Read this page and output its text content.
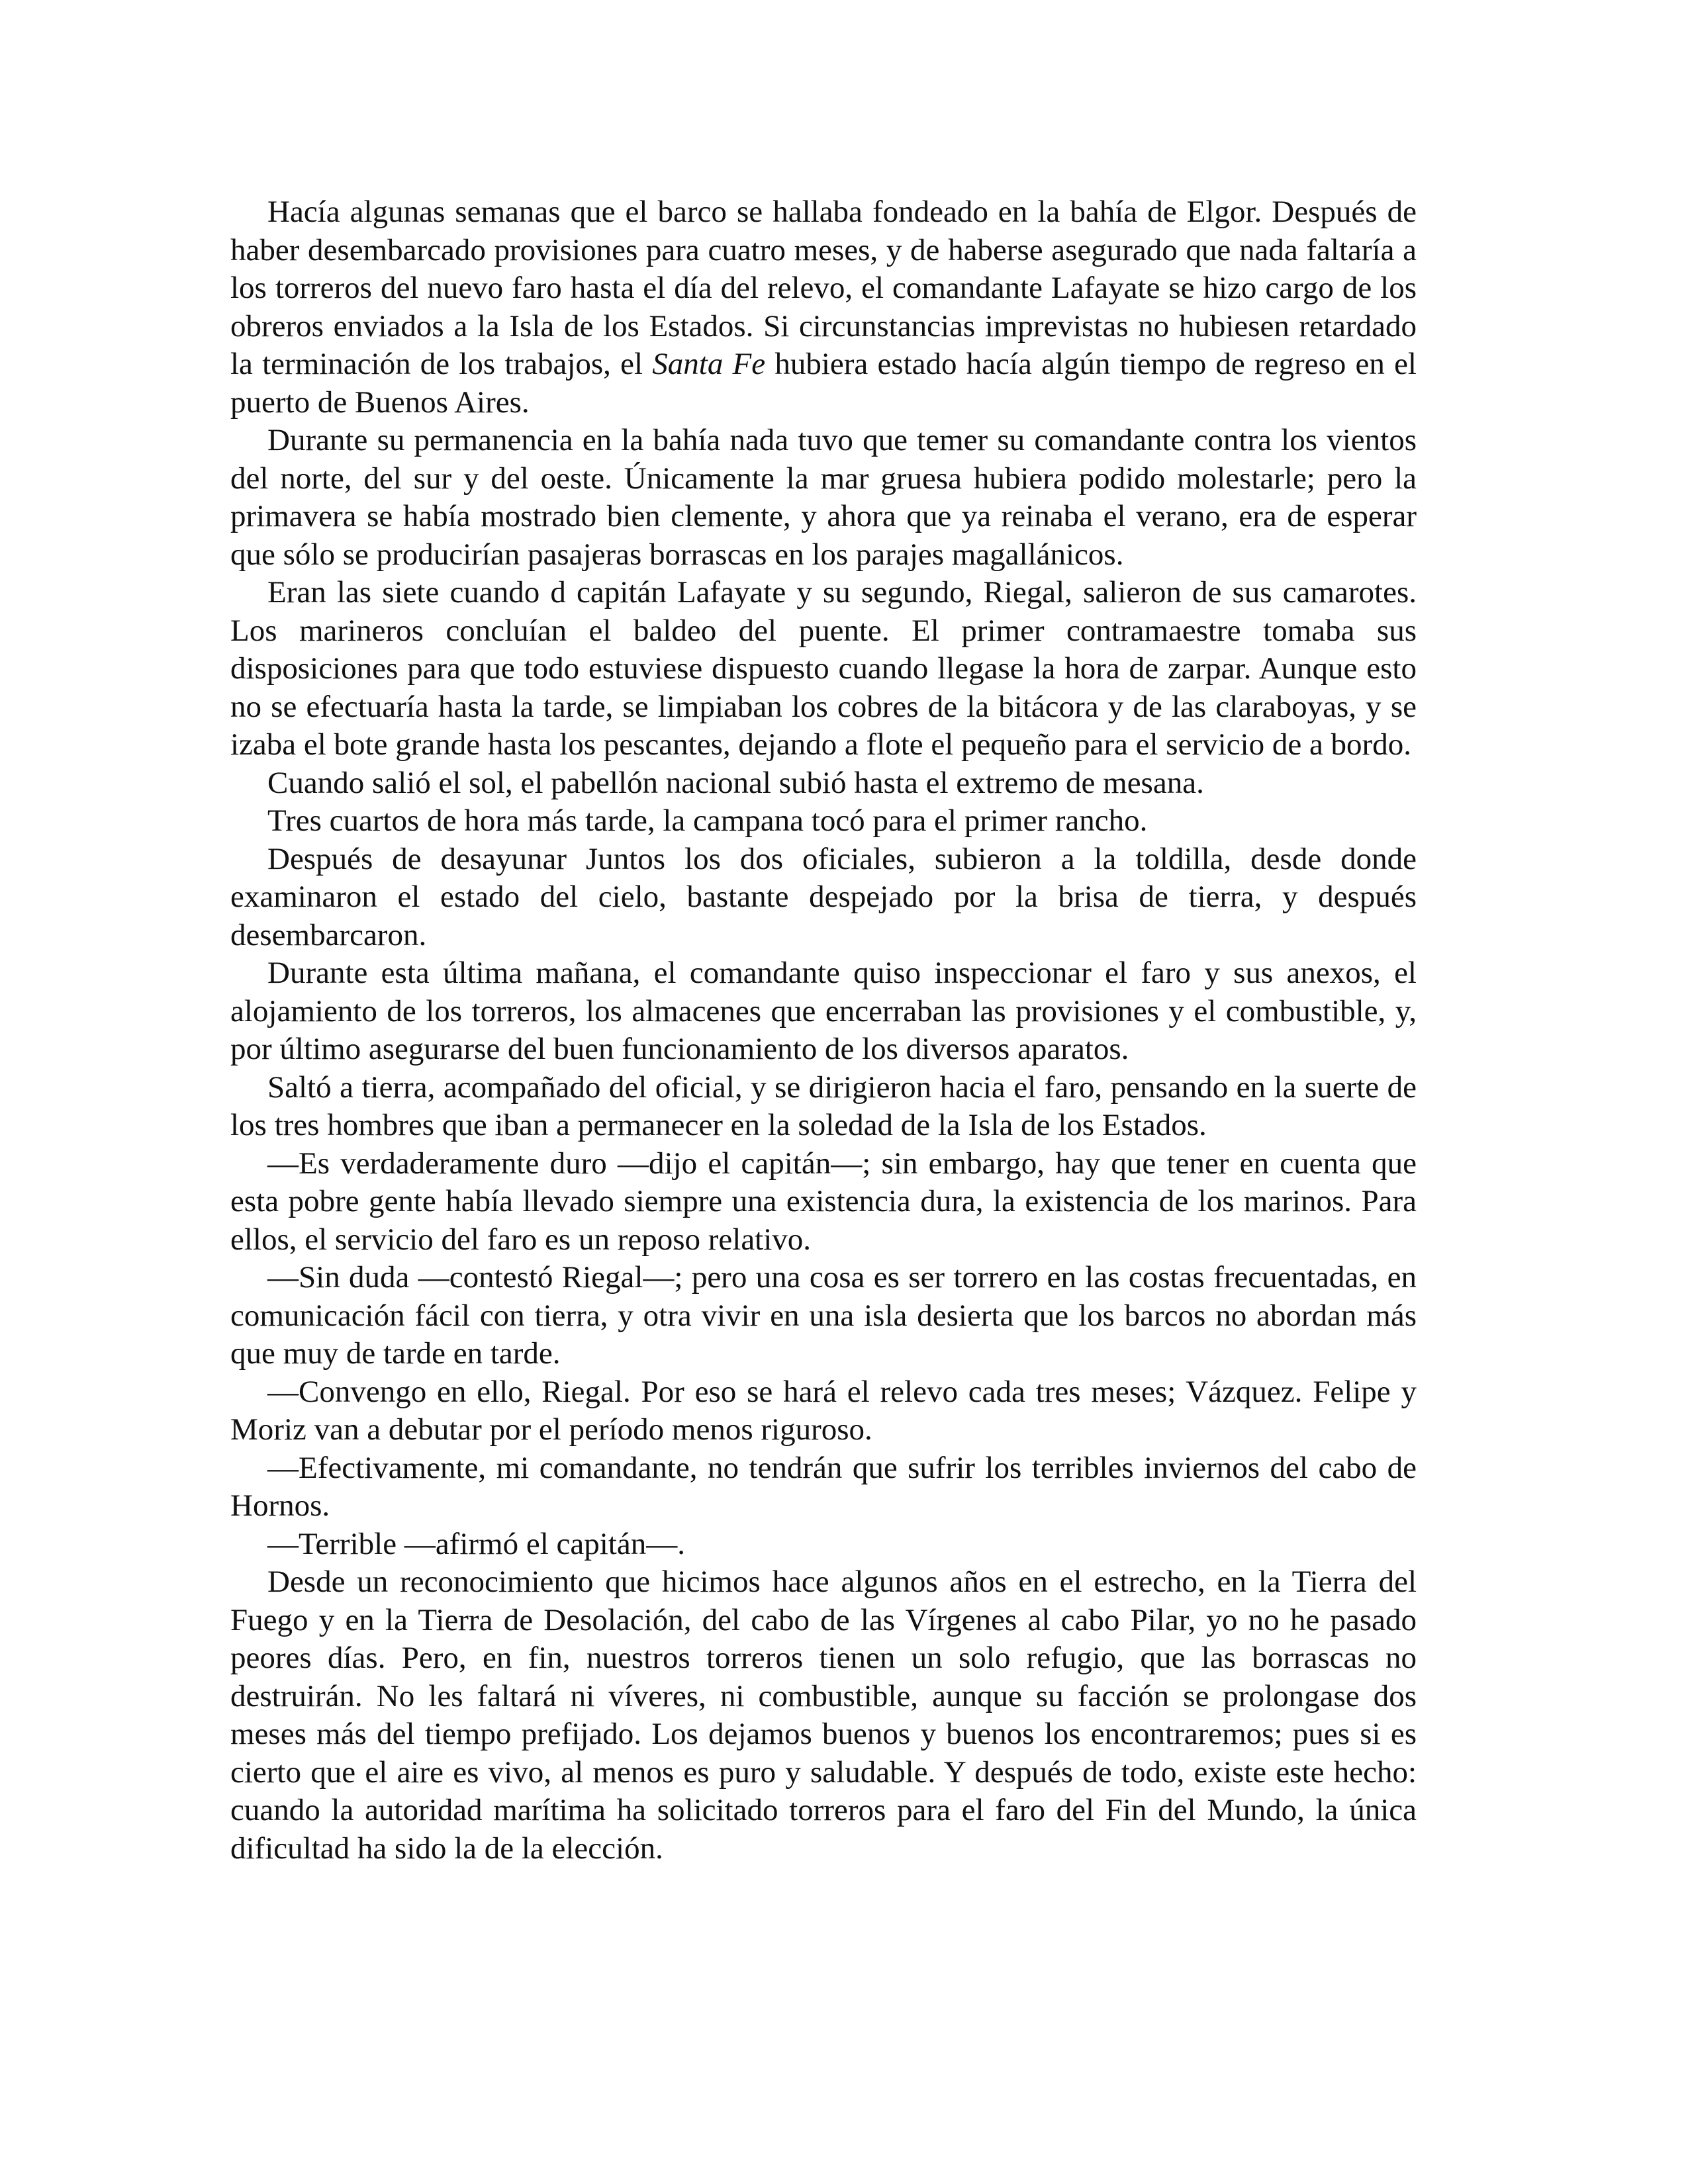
Hacía algunas semanas que el barco se hallaba fondeado en la bahía de Elgor. Después de haber desembarcado provisiones para cuatro meses, y de haberse asegurado que nada faltaría a los torreros del nuevo faro hasta el día del relevo, el comandante Lafayate se hizo cargo de los obreros enviados a la Isla de los Estados. Si circunstancias imprevistas no hubiesen retardado la terminación de los trabajos, el Santa Fe hubiera estado hacía algún tiempo de regreso en el puerto de Buenos Aires.

Durante su permanencia en la bahía nada tuvo que temer su comandante contra los vientos del norte, del sur y del oeste. Únicamente la mar gruesa hubiera podido molestarle; pero la primavera se había mostrado bien clemente, y ahora que ya reinaba el verano, era de esperar que sólo se producirían pasajeras borrascas en los parajes magallánicos.

Eran las siete cuando d capitán Lafayate y su segundo, Riegal, salieron de sus camarotes. Los marineros concluían el baldeo del puente. El primer contramaestre tomaba sus disposiciones para que todo estuviese dispuesto cuando llegase la hora de zarpar. Aunque esto no se efectuaría hasta la tarde, se limpiaban los cobres de la bitácora y de las claraboyas, y se izaba el bote grande hasta los pescantes, dejando a flote el pequeño para el servicio de a bordo.

Cuando salió el sol, el pabellón nacional subió hasta el extremo de mesana.

Tres cuartos de hora más tarde, la campana tocó para el primer rancho.

Después de desayunar Juntos los dos oficiales, subieron a la toldilla, desde donde examinaron el estado del cielo, bastante despejado por la brisa de tierra, y después desembarcaron.

Durante esta última mañana, el comandante quiso inspeccionar el faro y sus anexos, el alojamiento de los torreros, los almacenes que encerraban las provisiones y el combustible, y, por último asegurarse del buen funcionamiento de los diversos aparatos.

Saltó a tierra, acompañado del oficial, y se dirigieron hacia el faro, pensando en la suerte de los tres hombres que iban a permanecer en la soledad de la Isla de los Estados.

—Es verdaderamente duro —dijo el capitán—; sin embargo, hay que tener en cuenta que esta pobre gente había llevado siempre una existencia dura, la existencia de los marinos. Para ellos, el servicio del faro es un reposo relativo.

—Sin duda —contestó Riegal—; pero una cosa es ser torrero en las costas frecuentadas, en comunicación fácil con tierra, y otra vivir en una isla desierta que los barcos no abordan más que muy de tarde en tarde.

—Convengo en ello, Riegal. Por eso se hará el relevo cada tres meses; Vázquez. Felipe y Moriz van a debutar por el período menos riguroso.

—Efectivamente, mi comandante, no tendrán que sufrir los terribles inviernos del cabo de Hornos.

—Terrible —afirmó el capitán—.

Desde un reconocimiento que hicimos hace algunos años en el estrecho, en la Tierra del Fuego y en la Tierra de Desolación, del cabo de las Vírgenes al cabo Pilar, yo no he pasado peores días. Pero, en fin, nuestros torreros tienen un solo refugio, que las borrascas no destruirán. No les faltará ni víveres, ni combustible, aunque su facción se prolongase dos meses más del tiempo prefijado. Los dejamos buenos y buenos los encontraremos; pues si es cierto que el aire es vivo, al menos es puro y saludable. Y después de todo, existe este hecho: cuando la autoridad marítima ha solicitado torreros para el faro del Fin del Mundo, la única dificultad ha sido la de la elección.
